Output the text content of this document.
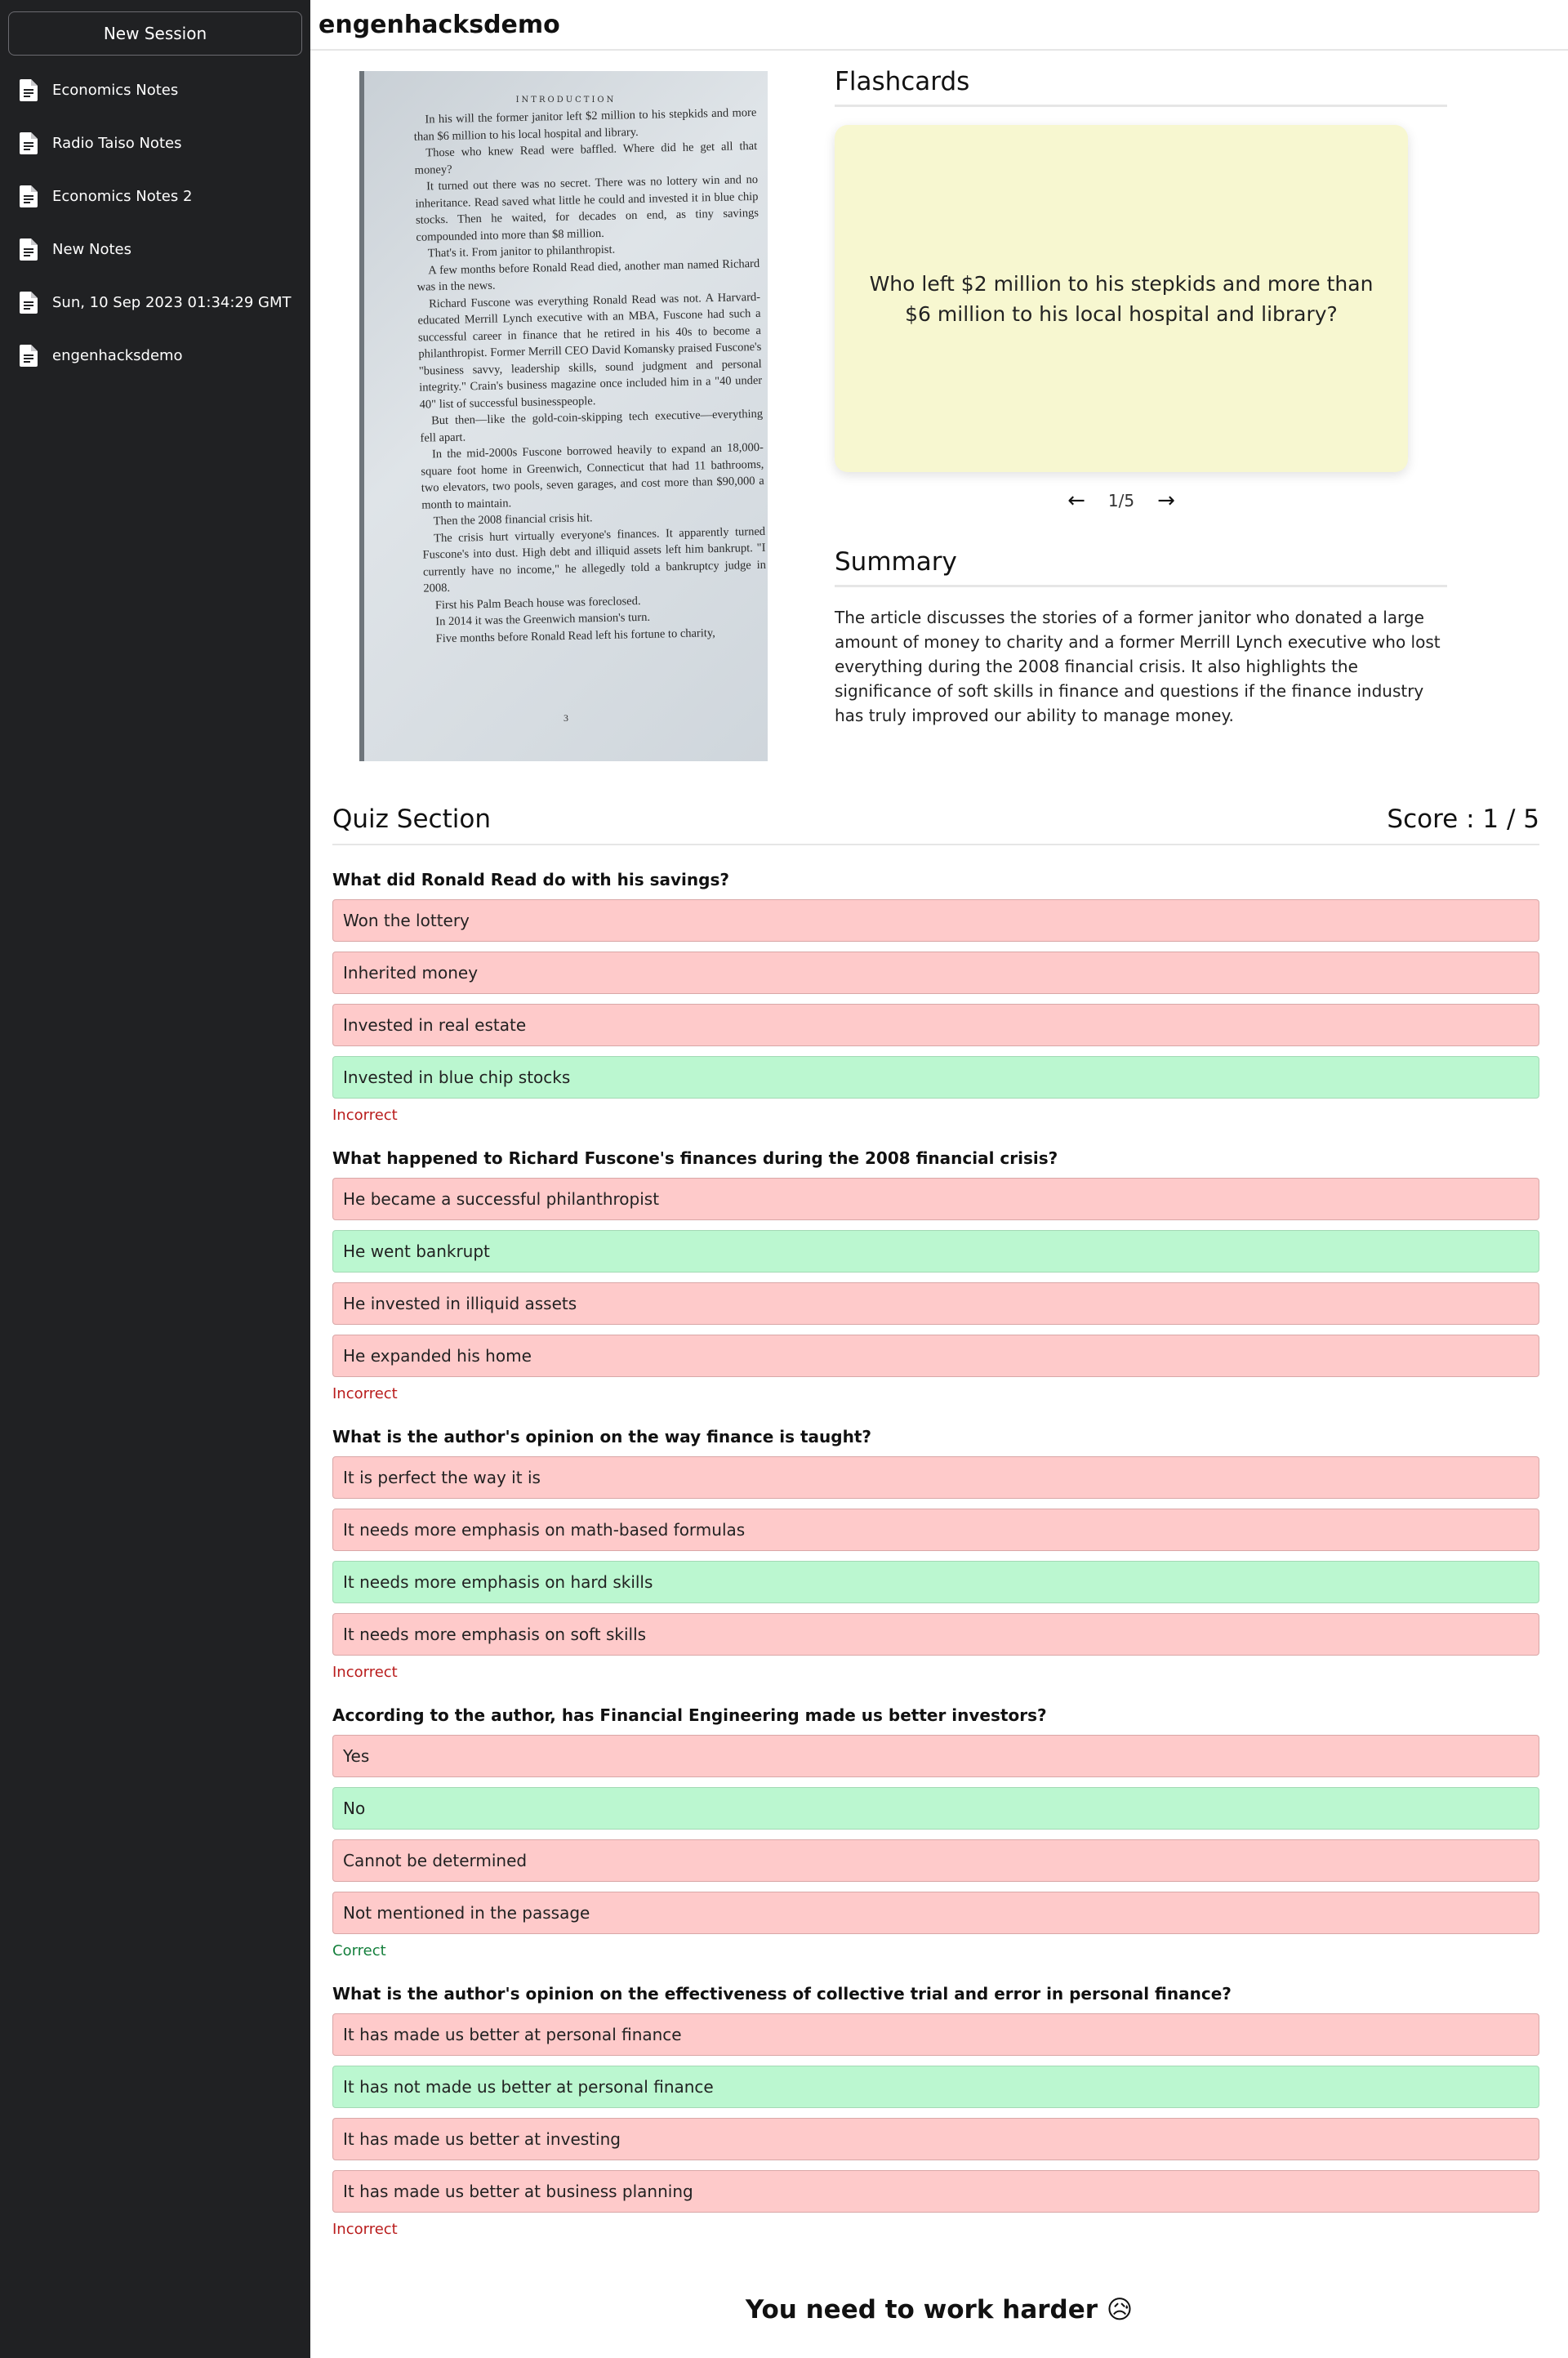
New Session
Economics Notes
Radio Taiso Notes
Economics Notes 2
New Notes
Sun, 10 Sep 2023 01:34:29 GMT
engenhacksdemo
engenhacksdemo
INTRODUCTION

In his will the former janitor left $2 million to his stepkids and more than $6 million to his local hospital and library.

Those who knew Read were baffled. Where did he get all that money?

It turned out there was no secret. There was no lottery win and no inheritance. Read saved what little he could and invested it in blue chip stocks. Then he waited, for decades on end, as tiny savings compounded into more than $8 million.

That's it. From janitor to philanthropist.

A few months before Ronald Read died, another man named Richard was in the news.

Richard Fuscone was everything Ronald Read was not. A Harvard-educated Merrill Lynch executive with an MBA, Fuscone had such a successful career in finance that he retired in his 40s to become a philanthropist. Former Merrill CEO David Komansky praised Fuscone's "business savvy, leadership skills, sound judgment and personal integrity." Crain's business magazine once included him in a "40 under 40" list of successful businesspeople.

But then—like the gold-coin-skipping tech executive—everything fell apart.

In the mid-2000s Fuscone borrowed heavily to expand an 18,000-square foot home in Greenwich, Connecticut that had 11 bathrooms, two elevators, two pools, seven garages, and cost more than $90,000 a month to maintain.

Then the 2008 financial crisis hit.

The crisis hurt virtually everyone's finances. It apparently turned Fuscone's into dust. High debt and illiquid assets left him bankrupt. "I currently have no income," he allegedly told a bankruptcy judge in 2008.

First his Palm Beach house was foreclosed.

In 2014 it was the Greenwich mansion's turn.

Five months before Ronald Read left his fortune to charity,

3
Flashcards
Who left $2 million to his stepkids and more than $6 million to his local hospital and library?
←	1/5	→
Summary
The article discusses the stories of a former janitor who donated a large amount of money to charity and a former Merrill Lynch executive who lost everything during the 2008 financial crisis. It also highlights the significance of soft skills in finance and questions if the finance industry has truly improved our ability to manage money.
Quiz Section	Score : 1 / 5
What did Ronald Read do with his savings?
Won the lottery
Inherited money
Invested in real estate
Invested in blue chip stocks
Incorrect
What happened to Richard Fuscone's finances during the 2008 financial crisis?
He became a successful philanthropist
He went bankrupt
He invested in illiquid assets
He expanded his home
Incorrect
What is the author's opinion on the way finance is taught?
It is perfect the way it is
It needs more emphasis on math-based formulas
It needs more emphasis on hard skills
It needs more emphasis on soft skills
Incorrect
According to the author, has Financial Engineering made us better investors?
Yes
No
Cannot be determined
Not mentioned in the passage
Correct
What is the author's opinion on the effectiveness of collective trial and error in personal finance?
It has made us better at personal finance
It has not made us better at personal finance
It has made us better at investing
It has made us better at business planning
Incorrect
You need to work harder 😥
